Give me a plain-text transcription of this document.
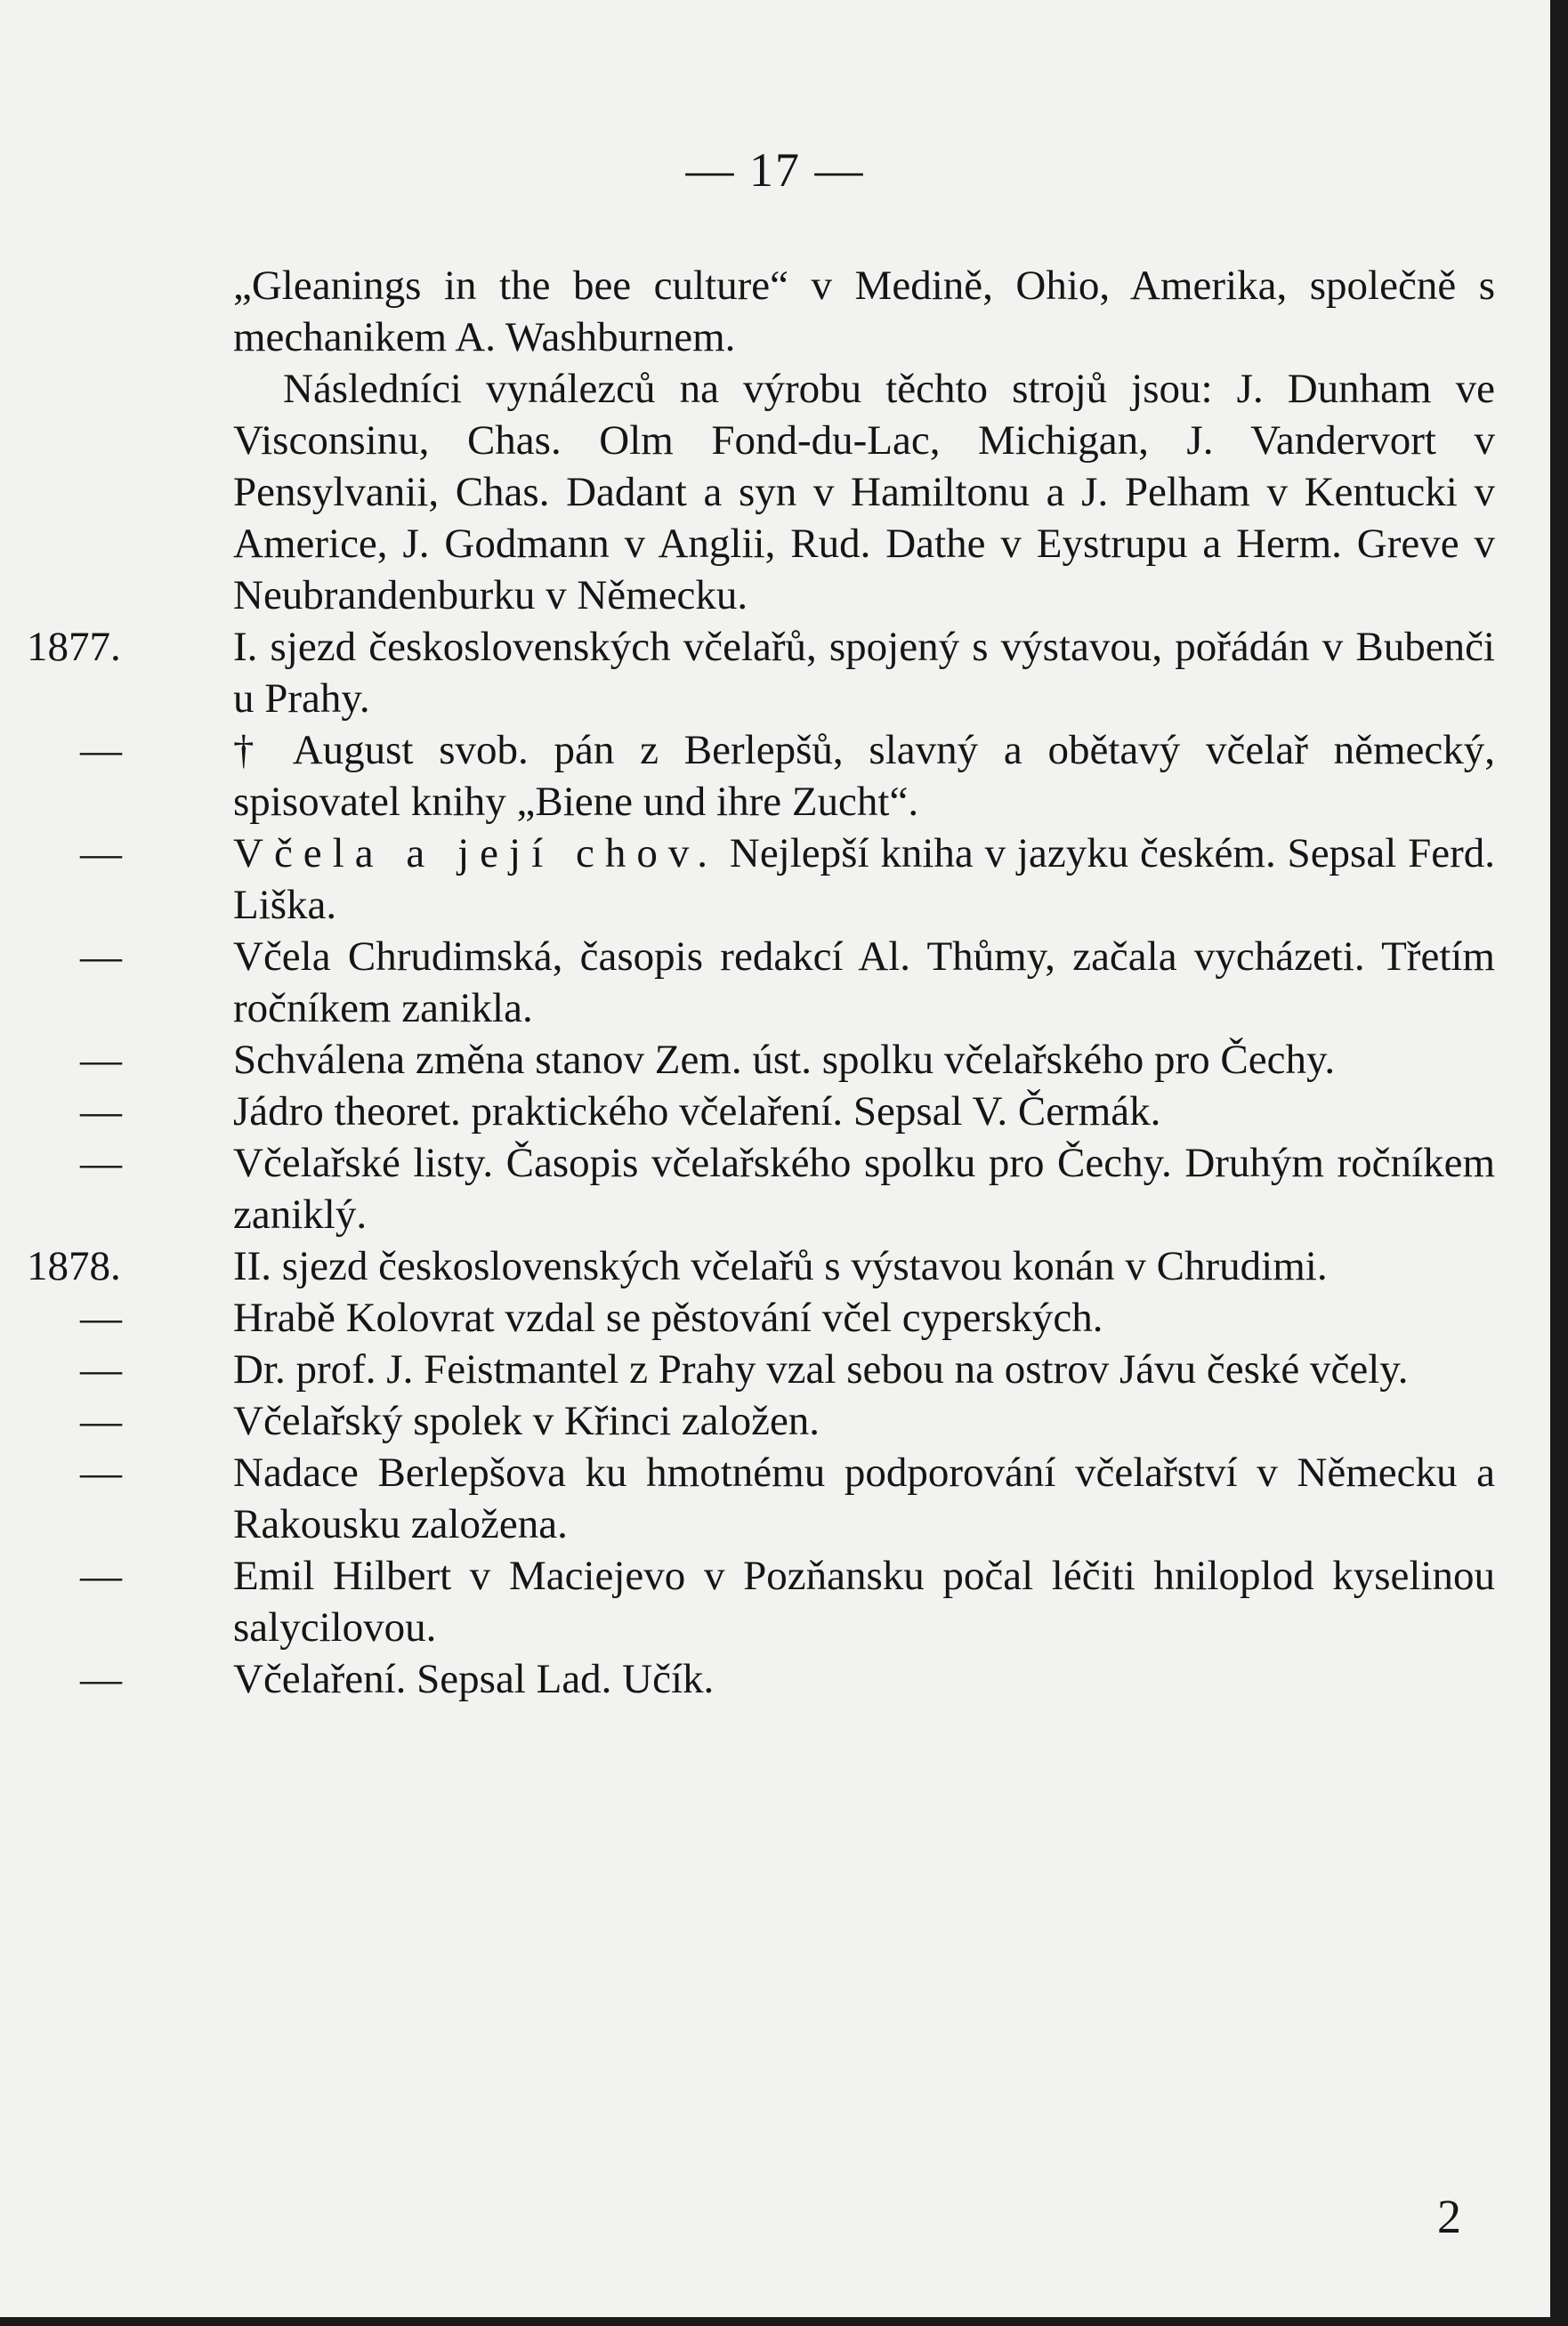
— 17 —
„Gleanings in the bee culture“ v Medině, Ohio, Amerika, společně s mechanikem A. Washburnem.
Následníci vynálezců na výrobu těchto strojů jsou: J. Dunham ve Visconsinu, Chas. Olm Fond-du-Lac, Michigan, J. Vandervort v Pensylvanii, Chas. Dadant a syn v Hamiltonu a J. Pelham v Kentucki v Americe, J. Godmann v Anglii, Rud. Dathe v Eystrupu a Herm. Greve v Neubrandenburku v Německu.
1877.	I. sjezd československých včelařů, spojený s výstavou, pořádán v Bubenči u Prahy.
—	† August svob. pán z Berlepšů, slavný a obětavý včelař německý, spisovatel knihy „Biene und ihre Zucht“.
—	Včela a její chov. Nejlepší kniha v jazyku českém. Sepsal Ferd. Liška.
—	Včela Chrudimská, časopis redakcí Al. Thůmy, začala vycházeti. Třetím ročníkem zanikla.
—	Schválena změna stanov Zem. úst. spolku včelařského pro Čechy.
—	Jádro theoret. praktického včelaření. Sepsal V. Čermák.
—	Včelařské listy. Časopis včelařského spolku pro Čechy. Druhým ročníkem zaniklý.
1878.	II. sjezd československých včelařů s výstavou konán v Chrudimi.
—	Hrabě Kolovrat vzdal se pěstování včel cyperských.
—	Dr. prof. J. Feistmantel z Prahy vzal sebou na ostrov Jávu české včely.
—	Včelařský spolek v Křinci založen.
—	Nadace Berlepšova ku hmotnému podporování včelařství v Německu a Rakousku založena.
—	Emil Hilbert v Maciejevo v Pozňansku počal léčiti hniloplod kyselinou salycilovou.
—	Včelaření. Sepsal Lad. Učík.
2
